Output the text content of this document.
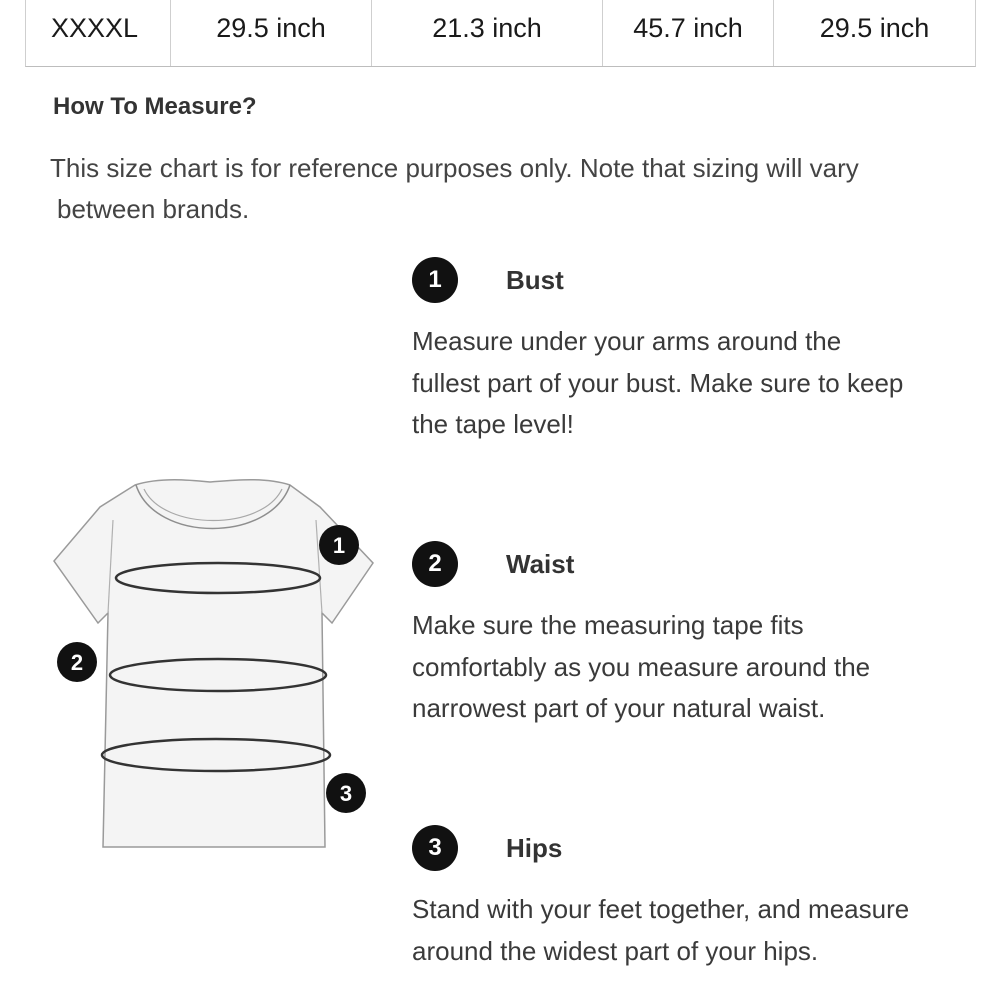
XXXXL	29.5 inch	21.3 inch	45.7 inch	29.5 inch
How To Measure?
This size chart is for reference purposes only. Note that sizing will vary
between brands.
1
2
3
1	Bust
Measure under your arms around the
fullest part of your bust. Make sure to keep
the tape level!
2	Waist
Make sure the measuring tape fits
comfortably as you measure around the
narrowest part of your natural waist.
3	Hips
Stand with your feet together, and measure
around the widest part of your hips.
